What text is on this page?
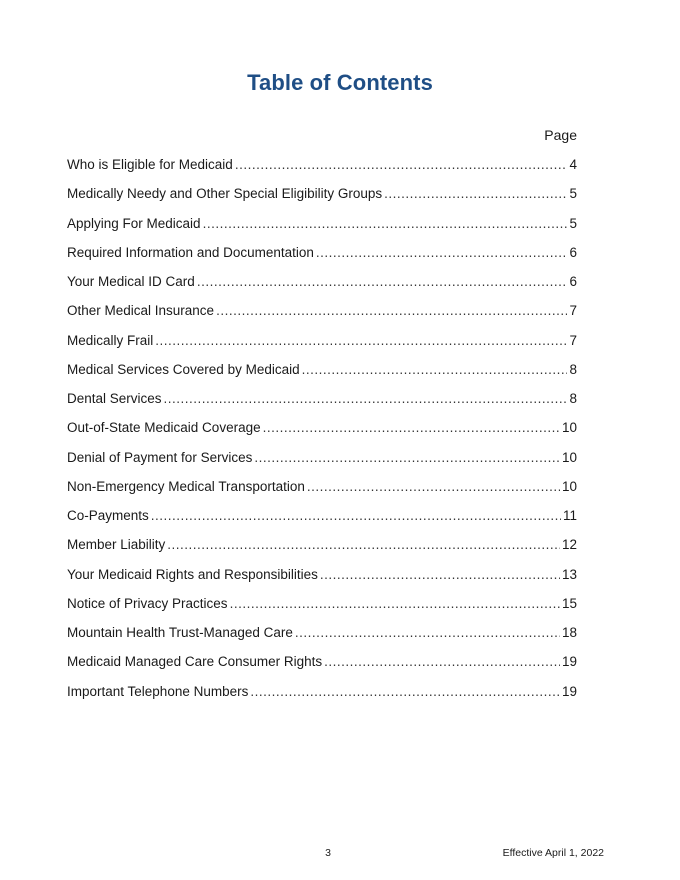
Table of Contents
Page
Who is Eligible for Medicaid .....	4
Medically Needy and Other Special Eligibility Groups .....	5
Applying For Medicaid .....	5
Required Information and Documentation .....	6
Your Medical ID Card .....	6
Other Medical Insurance .....	7
Medically Frail .....	7
Medical Services Covered by Medicaid .....	8
Dental Services .....	8
Out-of-State Medicaid Coverage .....	10
Denial of Payment for Services .....	10
Non-Emergency Medical Transportation .....	10
Co-Payments .....	11
Member Liability .....	12
Your Medicaid Rights and Responsibilities .....	13
Notice of Privacy Practices .....	15
Mountain Health Trust-Managed Care .....	18
Medicaid Managed Care Consumer Rights .....	19
Important Telephone Numbers .....	19
3	Effective April 1, 2022
